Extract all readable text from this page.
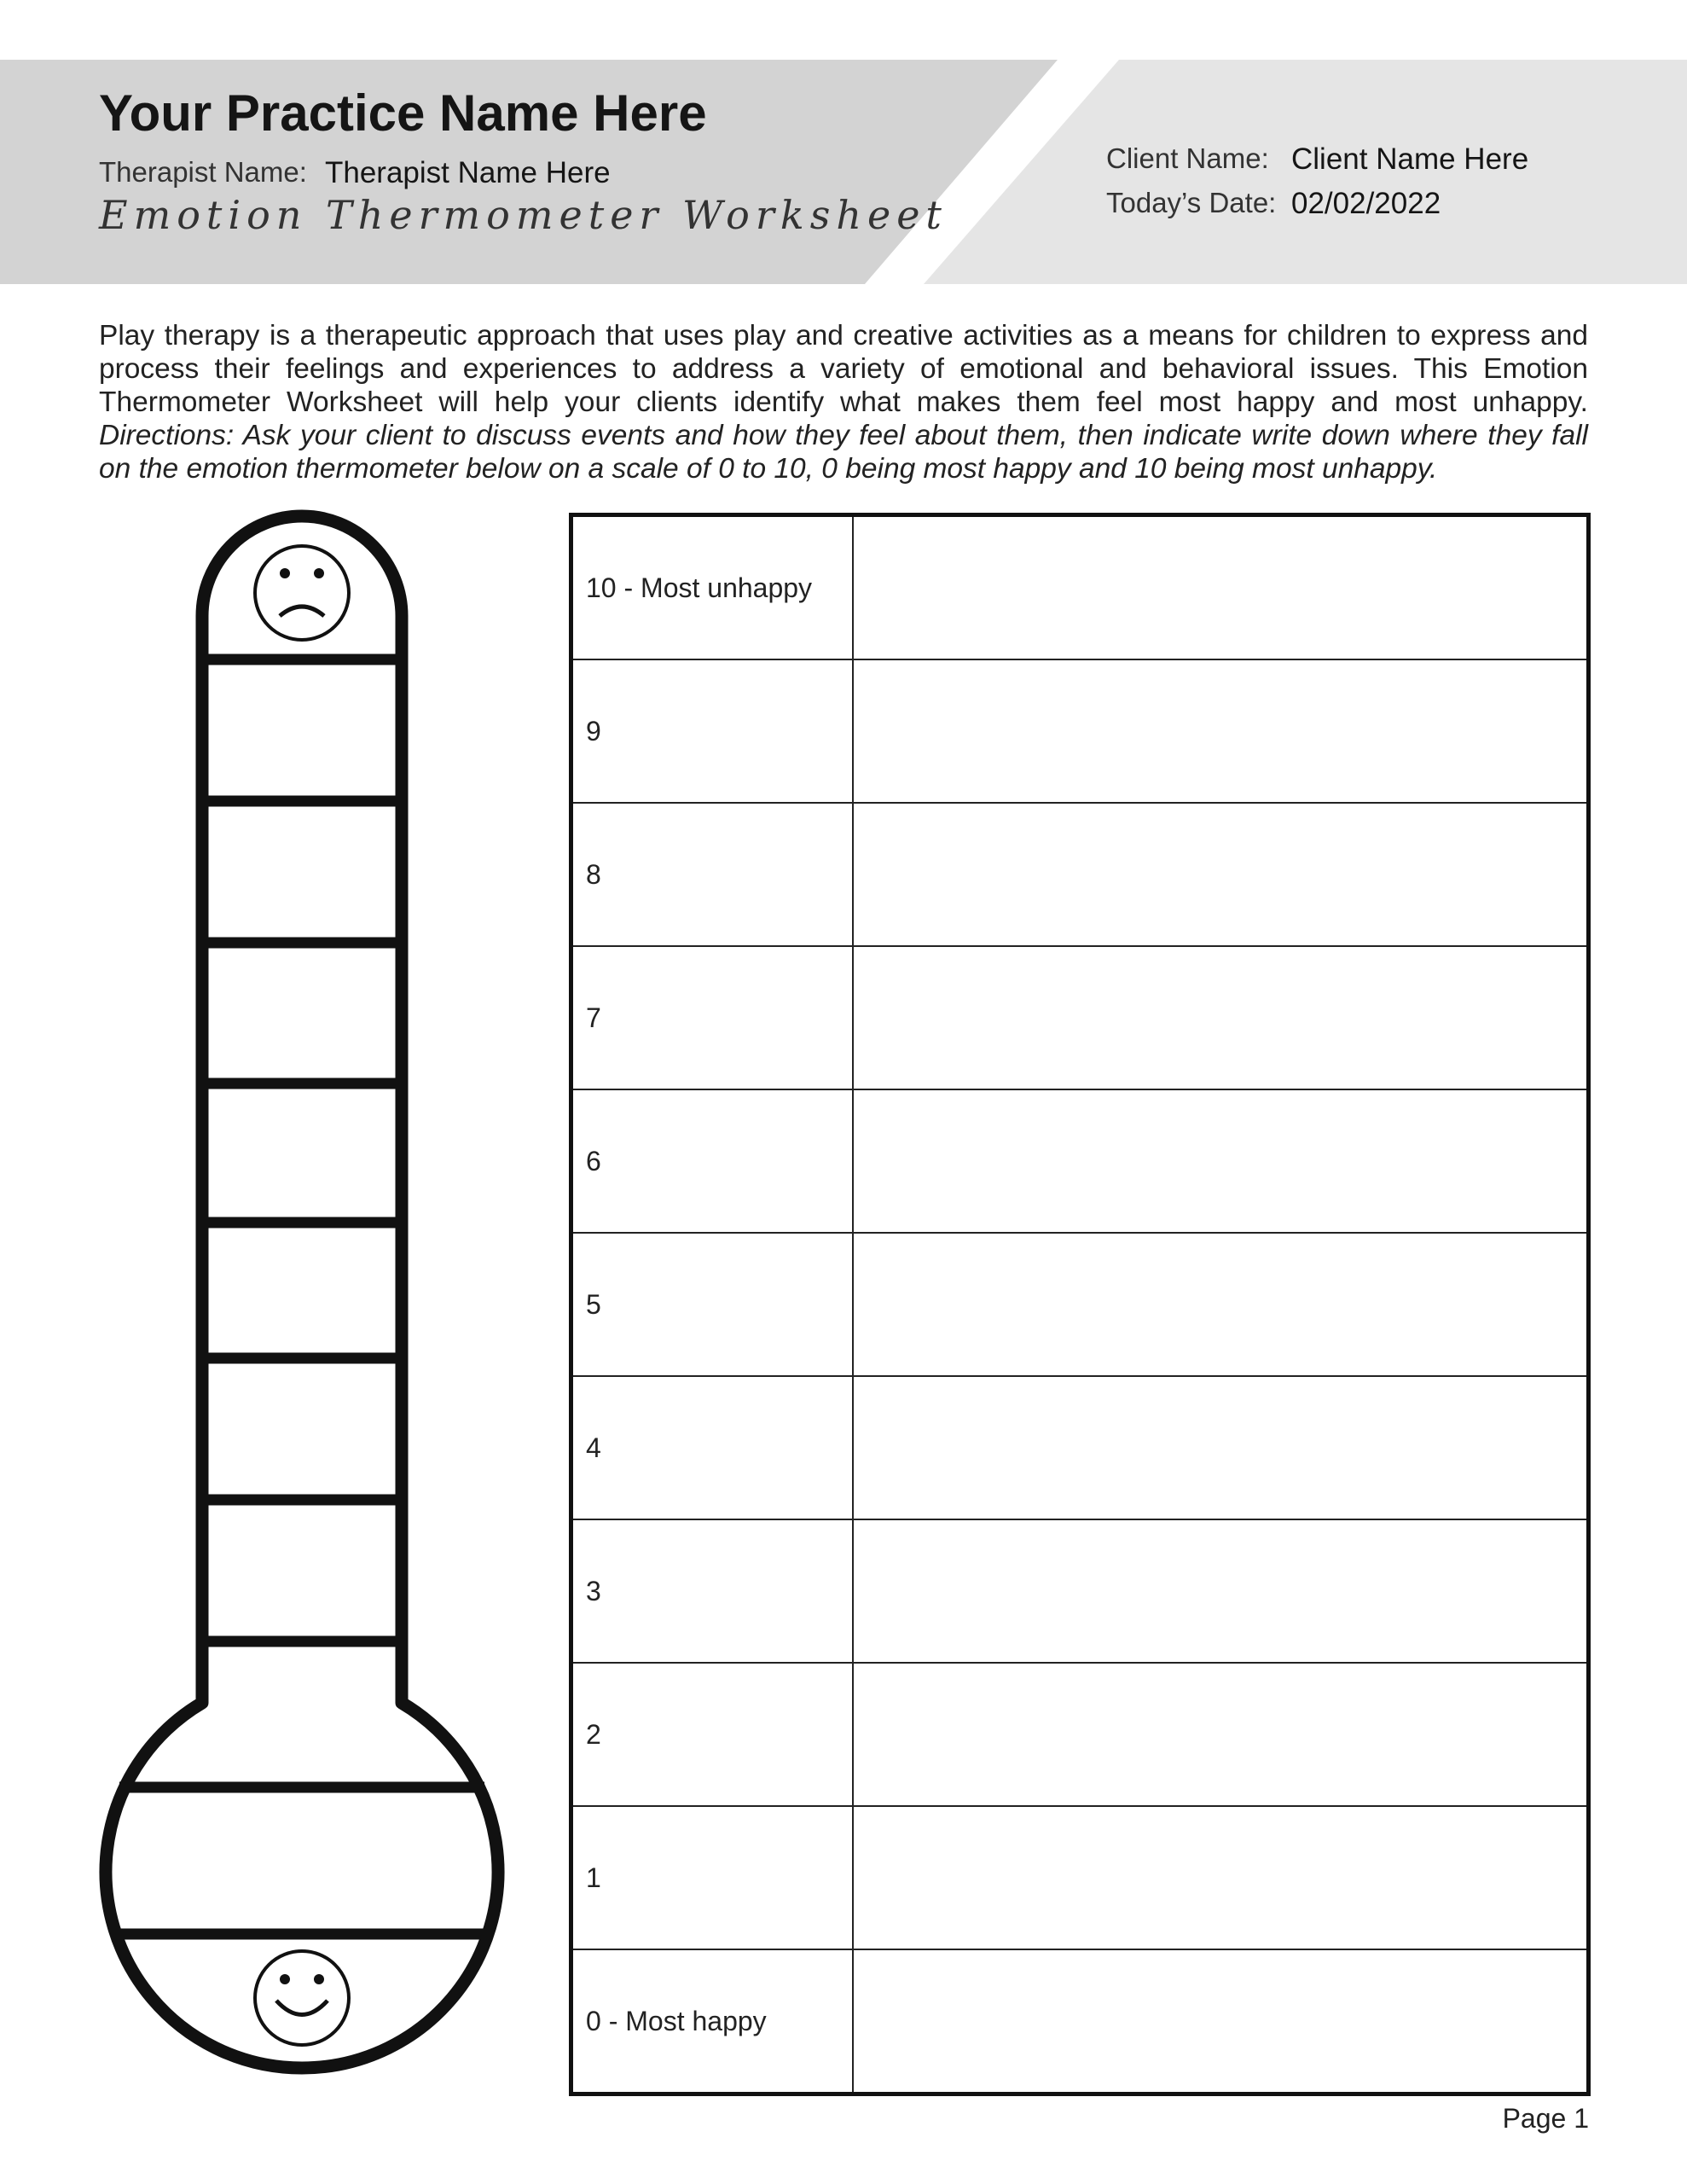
Your Practice Name Here
Therapist Name: Therapist Name Here
Emotion Thermometer Worksheet
Client Name: Client Name Here
Today’s Date: 02/02/2022
Play therapy is a therapeutic approach that uses play and creative activities as a means for children to express and process their feelings and experiences to address a variety of emotional and behavioral issues. This Emotion Thermometer Worksheet will help your clients identify what makes them feel most happy and most unhappy. Directions: Ask your client to discuss events and how they feel about them, then indicate write down where they fall on the emotion thermometer below on a scale of 0 to 10, 0 being most happy and 10 being most unhappy.
10 - Most unhappy	
9	
8	
7	
6	
5	
4	
3	
2	
1	
0 - Most happy	
Page 1
